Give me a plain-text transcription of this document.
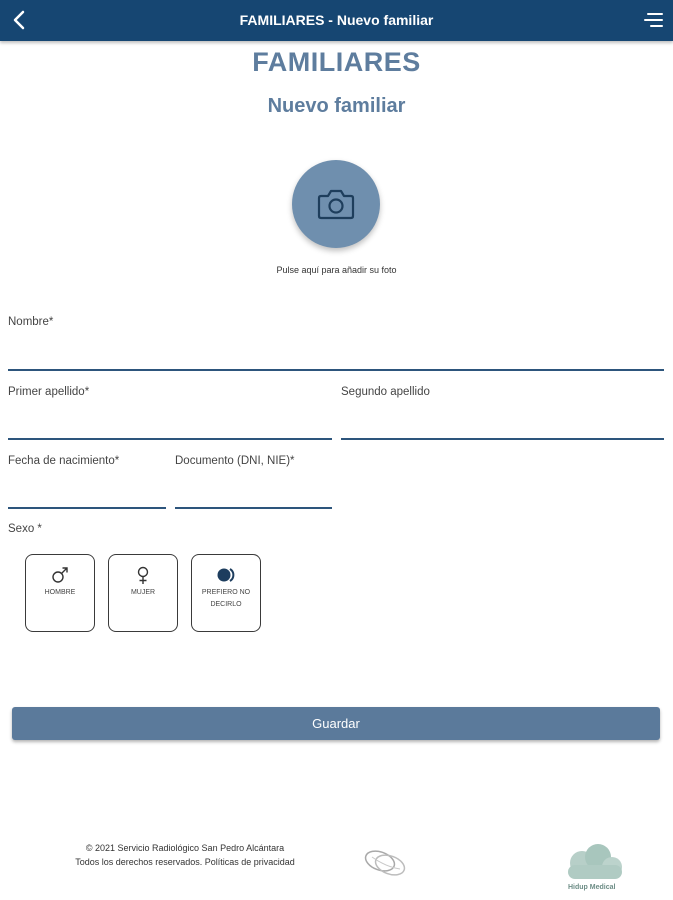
FAMILIARES - Nuevo familiar
FAMILIARES
Nuevo familiar
Pulse aquí para añadir su foto
Nombre*
Primer apellido*	Segundo apellido
Fecha de nacimiento*	Documento (DNI, NIE)*
Sexo *
HOMBRE	MUJER	PREFIERO NO DECIRLO
Guardar
© 2021 Servicio Radiológico San Pedro Alcántara
Todos los derechos reservados. Políticas de privacidad
Hidup Medical
